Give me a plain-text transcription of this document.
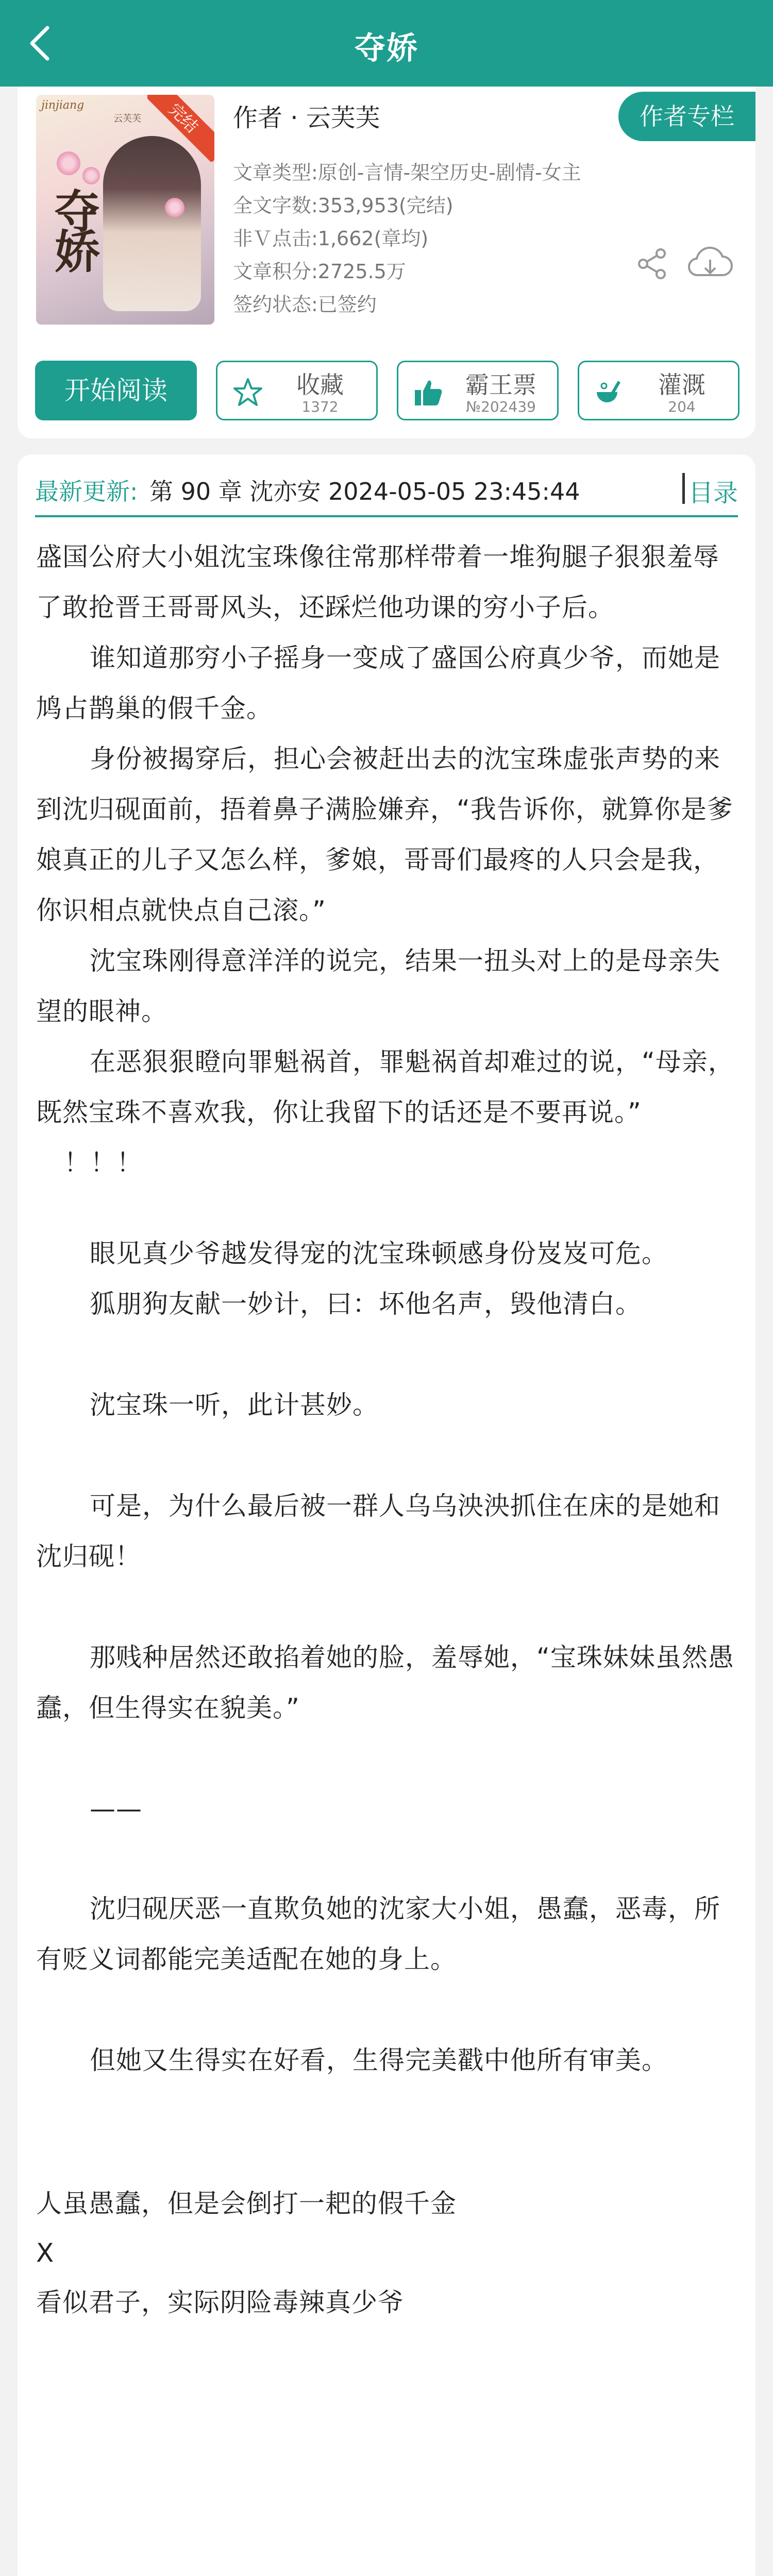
夺娇
jinjiang
云芙芙
夺娇
完结	作者 · 云芙芙	作者专栏
文章类型:原创-言情-架空历史-剧情-女主
全文字数:353,953(完结)
非Ｖ点击:1,662(章均)
文章积分:2725.5万
签约状态:已签约
开始阅读	收藏
1372
霸王票
№202439
灌溉
204
最新更新: 第 90 章 沈亦安 2024-05-05 23:45:44	目录
盛国公府大小姐沈宝珠像往常那样带着一堆狗腿子狠狠羞辱了敢抢晋王哥哥风头，还踩烂他功课的穷小子后。
谁知道那穷小子摇身一变成了盛国公府真少爷，而她是鸠占鹊巢的假千金。
身份被揭穿后，担心会被赶出去的沈宝珠虚张声势的来到沈归砚面前，捂着鼻子满脸嫌弃，“我告诉你，就算你是爹娘真正的儿子又怎么样，爹娘，哥哥们最疼的人只会是我，你识相点就快点自己滚。”
沈宝珠刚得意洋洋的说完，结果一扭头对上的是母亲失望的眼神。
在恶狠狠瞪向罪魁祸首，罪魁祸首却难过的说，“母亲，既然宝珠不喜欢我，你让我留下的话还是不要再说。”
！！！
眼见真少爷越发得宠的沈宝珠顿感身份岌岌可危。
狐朋狗友献一妙计，曰：坏他名声，毁他清白。
沈宝珠一听，此计甚妙。
可是，为什么最后被一群人乌乌泱泱抓住在床的是她和沈归砚！
那贱种居然还敢掐着她的脸，羞辱她，“宝珠妹妹虽然愚蠢，但生得实在貌美。”
——
沈归砚厌恶一直欺负她的沈家大小姐，愚蠢，恶毒，所有贬义词都能完美适配在她的身上。
但她又生得实在好看，生得完美戳中他所有审美。
人虽愚蠢，但是会倒打一耙的假千金
X
看似君子，实际阴险毒辣真少爷
